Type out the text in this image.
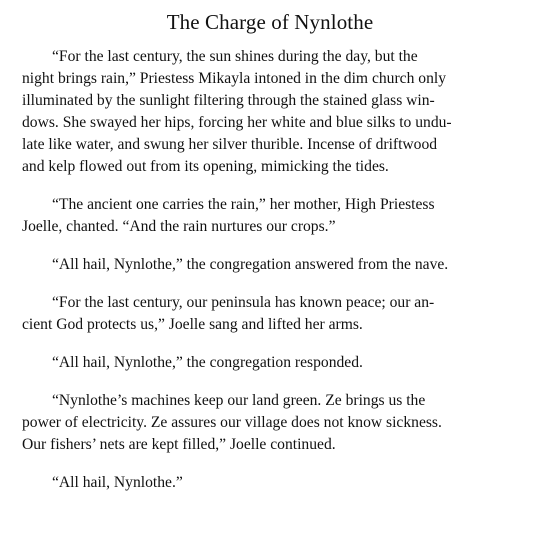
The Charge of Nynlothe

“For the last century, the sun shines during the day, but the
night brings rain,” Priestess Mikayla intoned in the dim church only
illuminated by the sunlight filtering through the stained glass win-
dows. She swayed her hips, forcing her white and blue silks to undu-
late like water, and swung her silver thurible. Incense of driftwood
and kelp flowed out from its opening, mimicking the tides.

“The ancient one carries the rain,” her mother, High Priestess
Joelle, chanted. “And the rain nurtures our crops.”

“All hail, Nynlothe,” the congregation answered from the nave.

“For the last century, our peninsula has known peace; our an-
cient God protects us,” Joelle sang and lifted her arms.

“All hail, Nynlothe,” the congregation responded.

“Nynlothe’s machines keep our land green. Ze brings us the
power of electricity. Ze assures our village does not know sickness.
Our fishers’ nets are kept filled,” Joelle continued.

“All hail, Nynlothe.”
